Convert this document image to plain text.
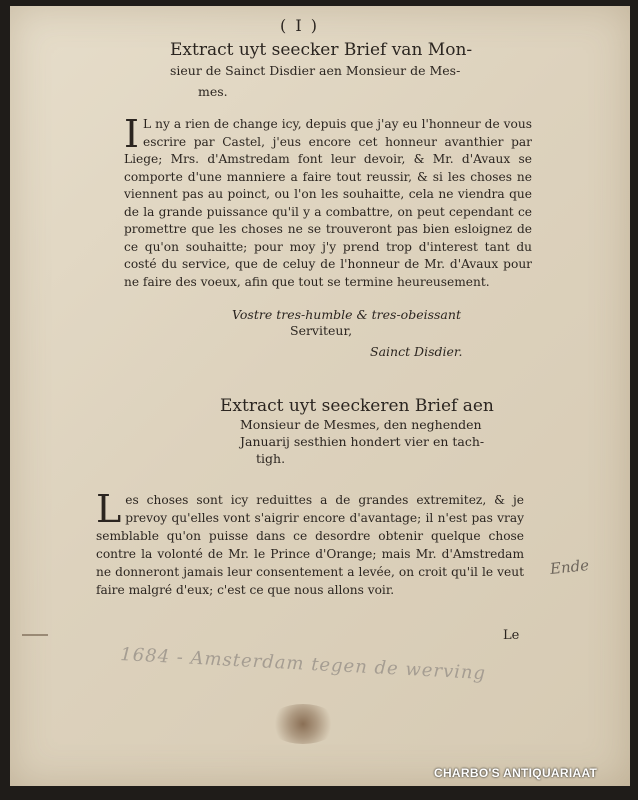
( I )
Extract uyt seecker Brief van Mon-
sieur de Sainct Disdier aen Monsieur de Mes-
mes.
I L ny a rien de change icy, depuis que j'ay eu l'honneur de vous escrire par Castel, j'eus encore cet honneur avanthier par Liege; Mrs. d'Amstredam font leur devoir, & Mr. d'Avaux se comporte d'une manniere a faire tout reussir, & si les choses ne viennent pas au poinct, ou l'on les souhaitte, cela ne viendra que de la grande puissance qu'il y a combattre, on peut cependant ce promettre que les choses ne se trouveront pas bien esloignez de ce qu'on souhaitte; pour moy j'y prend trop d'interest tant du costé du service, que de celuy de l'honneur de Mr. d'Avaux pour ne faire des voeux, afin que tout se termine heureusement.
Vostre tres-humble & tres-obeissant
Serviteur,
Sainct Disdier.
Extract uyt seeckeren Brief aen
Monsieur de Mesmes, den neghenden
Januarij sesthien hondert vier en tach-
tigh.
L es choses sont icy reduittes a de grandes extremitez, & je prevoy qu'elles vont s'aigrir encore d'avantage; il n'est pas vray semblable qu'on puisse dans ce desordre obtenir quelque chose contre la volonté de Mr. le Prince d'Orange; mais Mr. d'Amstredam ne donneront jamais leur consentement a levée, on croit qu'il le veut faire malgré d'eux; c'est ce que nous allons voir.
Le
Ende
1684 - Amsterdam tegen de werving
CHARBO'S ANTIQUARIAAT
